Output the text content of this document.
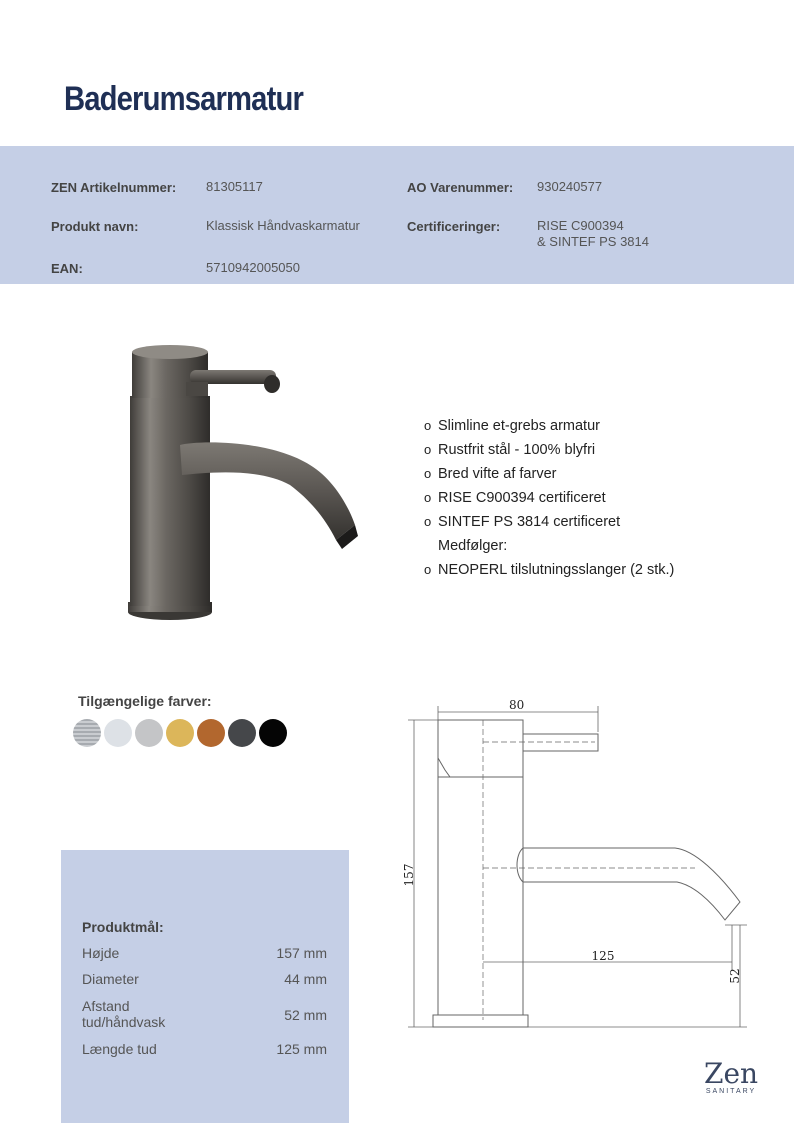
Baderumsarmatur
ZEN Artikelnummer: 81305117	AO Varenummer: 930240577
Produkt navn:	Klassisk Håndvaskarmatur	Certificeringer:	RISE C900394
& SINTEF PS 3814
EAN:	5710942005050
o Slimline et-grebs armatur
o Rustfrit stål - 100% blyfri
o Bred vifte af farver
o RISE C900394 certificeret
o SINTEF PS 3814 certificeret
Medfølger:
o NEOPERL tilslutningsslanger (2 stk.)
Tilgængelige farver:
Produktmål:
Højde	157 mm
Diameter	44 mm
Afstand
tud/håndvask	52 mm
Længde tud	125 mm
80
157
125
52
Zen
SANITARY
